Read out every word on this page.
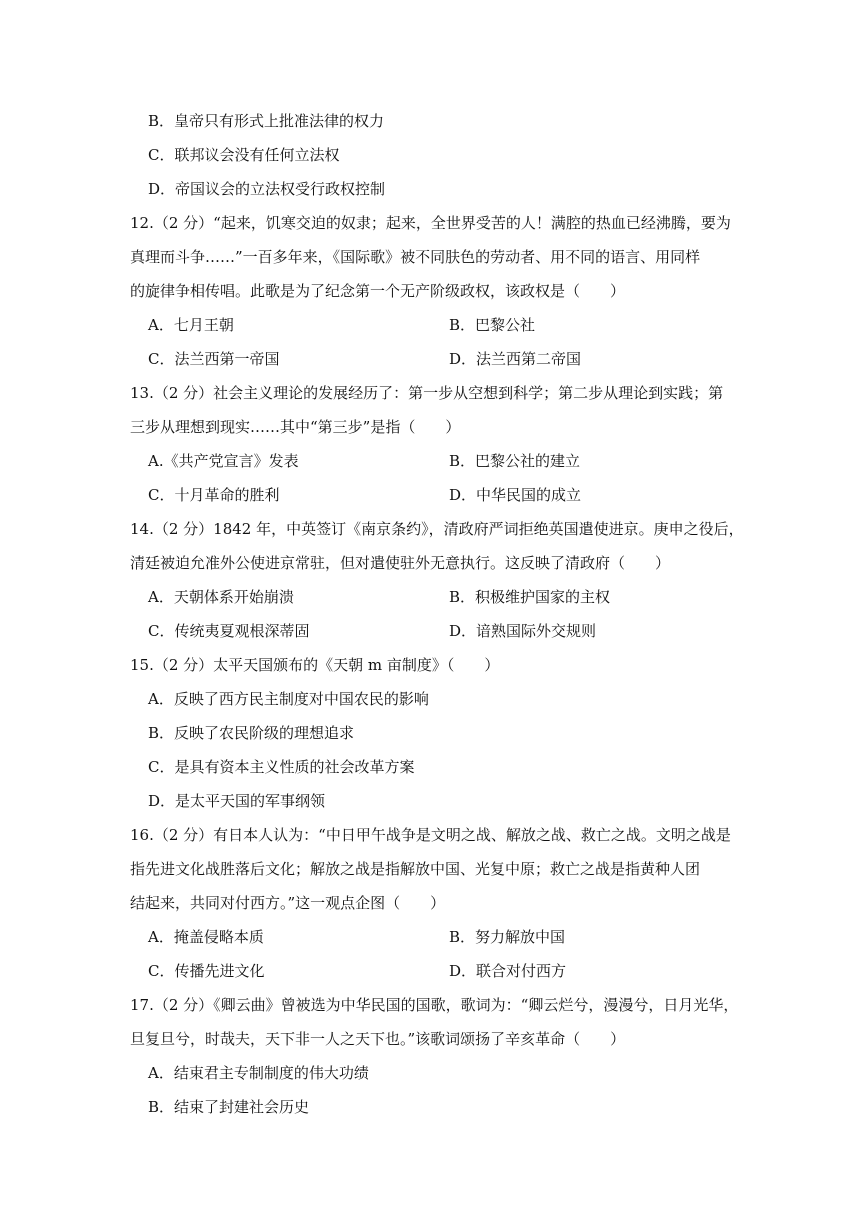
B．皇帝只有形式上批准法律的权力
C．联邦议会没有任何立法权
D．帝国议会的立法权受行政权控制
12.（2 分）“起来，饥寒交迫的奴隶；起来，全世界受苦的人！满腔的热血已经沸腾，要为
真理而斗争……”一百多年来，《国际歌》被不同肤色的劳动者、用不同的语言、用同样
的旋律争相传唱。此歌是为了纪念第一个无产阶级政权，该政权是（　　）
A．七月王朝	B．巴黎公社
C．法兰西第一帝国	D．法兰西第二帝国
13.（2 分）社会主义理论的发展经历了：第一步从空想到科学；第二步从理论到实践；第
三步从理想到现实……其中“第三步”是指（　　）
A.《共产党宣言》发表	B．巴黎公社的建立
C．十月革命的胜利	D．中华民国的成立
14.（2 分）1842 年，中英签订《南京条约》，清政府严词拒绝英国遣使进京。庚申之役后，
清廷被迫允准外公使进京常驻，但对遣使驻外无意执行。这反映了清政府（　　）
A．天朝体系开始崩溃	B．积极维护国家的主权
C．传统夷夏观根深蒂固	D．谙熟国际外交规则
15.（2 分）太平天国颁布的《天朝 m 亩制度》（　　）
A．反映了西方民主制度对中国农民的影响
B．反映了农民阶级的理想追求
C．是具有资本主义性质的社会改革方案
D．是太平天国的军事纲领
16.（2 分）有日本人认为：“中日甲午战争是文明之战、解放之战、救亡之战。文明之战是
指先进文化战胜落后文化；解放之战是指解放中国、光复中原；救亡之战是指黄种人团
结起来，共同对付西方。”这一观点企图（　　）
A．掩盖侵略本质	B．努力解放中国
C．传播先进文化	D．联合对付西方
17.（2 分）《卿云曲》曾被选为中华民国的国歌，歌词为：“卿云烂兮，漫漫兮，日月光华，
旦复旦兮，时哉夫，天下非一人之天下也。”该歌词颂扬了辛亥革命（　　）
A．结束君主专制制度的伟大功绩
B．结束了封建社会历史
